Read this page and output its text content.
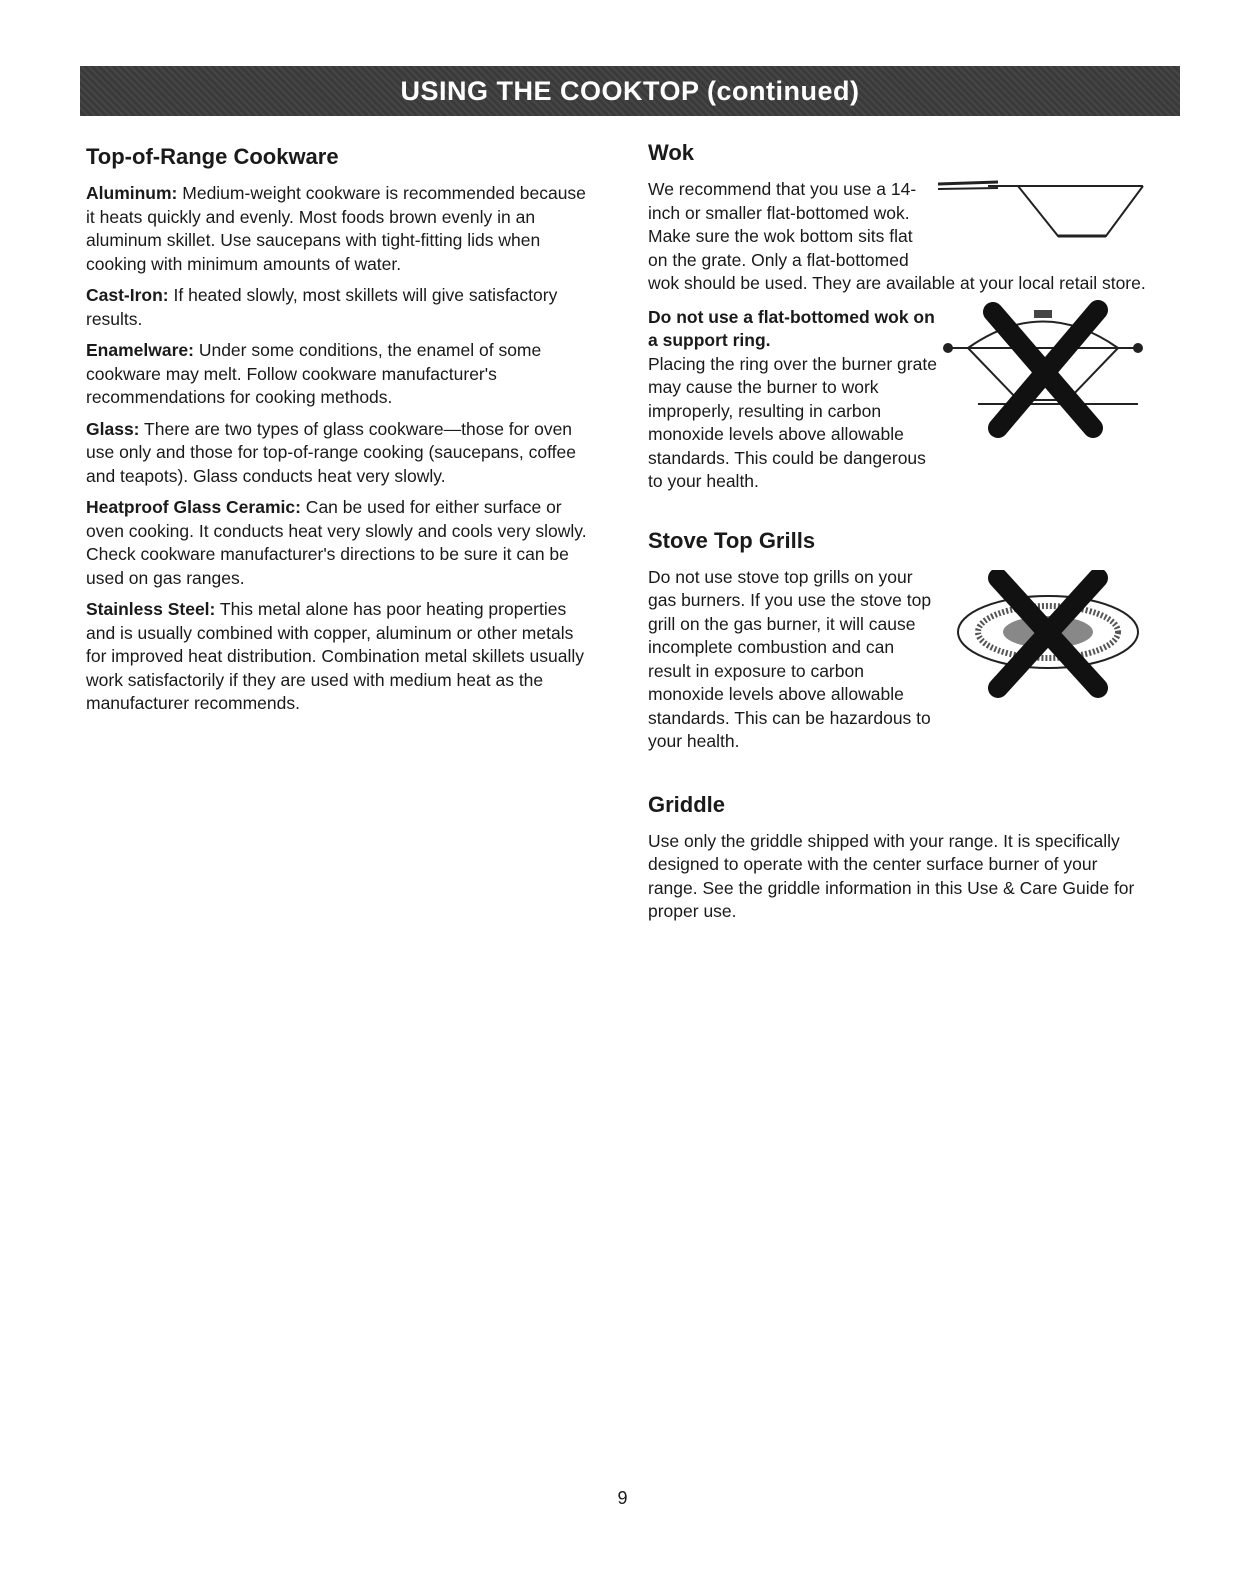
USING THE COOKTOP (continued)
Top-of-Range Cookware

Aluminum: Medium-weight cookware is recommended because it heats quickly and evenly. Most foods brown evenly in an aluminum skillet. Use saucepans with tight-fitting lids when cooking with minimum amounts of water.

Cast-Iron: If heated slowly, most skillets will give satisfactory results.

Enamelware: Under some conditions, the enamel of some cookware may melt. Follow cookware manufacturer's recommendations for cooking methods.

Glass: There are two types of glass cookware—those for oven use only and those for top-of-range cooking (saucepans, coffee and teapots). Glass conducts heat very slowly.

Heatproof Glass Ceramic: Can be used for either surface or oven cooking. It conducts heat very slowly and cools very slowly. Check cookware manufacturer's directions to be sure it can be used on gas ranges.

Stainless Steel: This metal alone has poor heating properties and is usually combined with copper, aluminum or other metals for improved heat distribution. Combination metal skillets usually work satisfactorily if they are used with medium heat as the manufacturer recommends.

Wok

We recommend that you use a 14-inch or smaller flat-bottomed wok. Make sure the wok bottom sits flat on the grate. Only a flat-bottomed wok should be used. They are available at your local retail store.

Do not use a flat-bottomed wok on a support ring.
Placing the ring over the burner grate may cause the burner to work improperly, resulting in carbon monoxide levels above allowable standards. This could be dangerous to your health.

Stove Top Grills

Do not use stove top grills on your gas burners. If you use the stove top grill on the gas burner, it will cause incomplete combustion and can result in exposure to carbon monoxide levels above allowable standards. This can be hazardous to your health.

Griddle

Use only the griddle shipped with your range. It is specifically designed to operate with the center surface burner of your range. See the griddle information in this Use & Care Guide for proper use.

9
